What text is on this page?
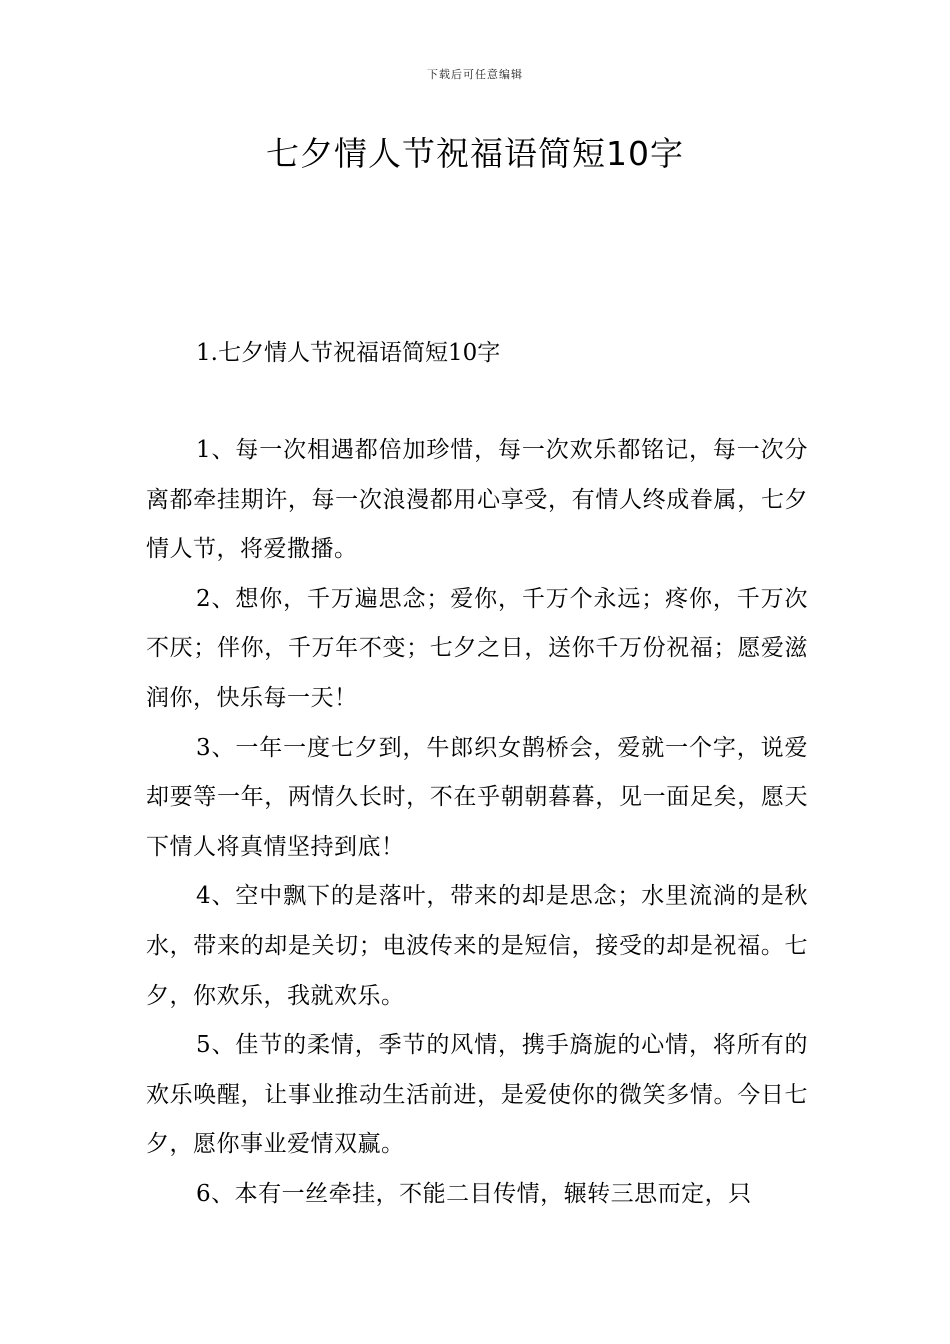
下载后可任意编辑
七夕情人节祝福语简短10字
1.七夕情人节祝福语简短10字

1、每一次相遇都倍加珍惜，每一次欢乐都铭记，每一次分离都牵挂期许，每一次浪漫都用心享受，有情人终成眷属，七夕情人节，将爱撒播。

2、想你，千万遍思念；爱你，千万个永远；疼你，千万次不厌；伴你，千万年不变；七夕之日，送你千万份祝福；愿爱滋润你，快乐每一天！

3、一年一度七夕到，牛郎织女鹊桥会，爱就一个字，说爱却要等一年，两情久长时，不在乎朝朝暮暮，见一面足矣，愿天下情人将真情坚持到底！

4、空中飘下的是落叶，带来的却是思念；水里流淌的是秋水，带来的却是关切；电波传来的是短信，接受的却是祝福。七夕，你欢乐，我就欢乐。

5、佳节的柔情，季节的风情，携手旖旎的心情，将所有的欢乐唤醒，让事业推动生活前进，是爱使你的微笑多情。今日七夕，愿你事业爱情双赢。

6、本有一丝牵挂，不能二目传情，辗转三思而定，只
